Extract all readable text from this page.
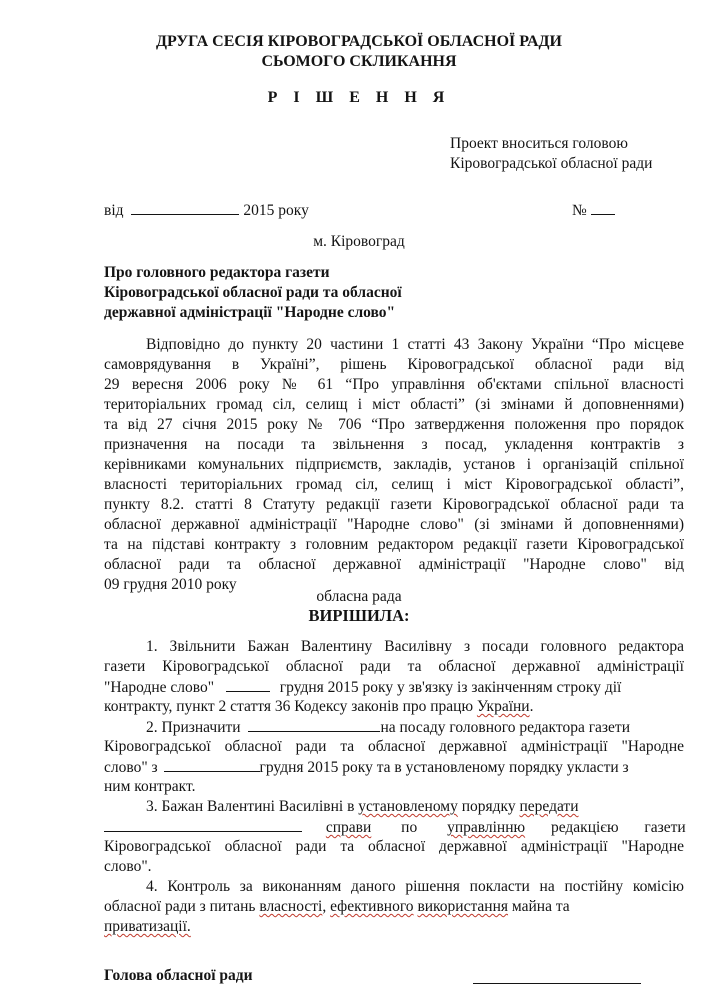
ДРУГА СЕСІЯ КІРОВОГРАДСЬКОЇ ОБЛАСНОЇ РАДИ
СЬОМОГО СКЛИКАННЯ
Р І Ш Е Н Н Я
Проект вноситься головою
Кіровоградської обласної ради
від	2015 року	№
м. Кіровоград
Про головного редактора газети
Кіровоградської обласної ради та обласної
державної адміністрації "Народне слово"
Відповідно до пункту 20 частини 1 статті 43 Закону України “Про місцеве
самоврядування в Україні”, рішень Кіровоградської обласної ради від
29 вересня 2006 року № 61 “Про управління об'єктами спільної власності
територіальних громад сіл, селищ і міст області” (зі змінами й доповненнями)
та від 27 січня 2015 року № 706 “Про затвердження положення про порядок
призначення на посади та звільнення з посад, укладення контрактів з
керівниками комунальних підприємств, закладів, установ і організацій спільної
власності територіальних громад сіл, селищ і міст Кіровоградської області”,
пункту 8.2. статті 8 Статуту редакції газети Кіровоградської обласної ради та
обласної державної адміністрації "Народне слово" (зі змінами й доповненнями)
та на підставі контракту з головним редактором редакції газети Кіровоградської
обласної ради та обласної державної адміністрації "Народне слово" від
09 грудня 2010 року
обласна рада
ВИРІШИЛА:
1. Звільнити Бажан Валентину Василівну з посади головного редактора
газети Кіровоградської обласної ради та обласної державної адміністрації
"Народне слово"	грудня 2015 року у зв'язку із закінченням строку дії
контракту, пункт 2 стаття 36 Кодексу законів про працю України.
2. Призначити	на посаду головного редактора газети
Кіровоградської обласної ради та обласної державної адміністрації "Народне
слово" з	грудня 2015 року та в установленому порядку укласти з
ним контракт.
3. Бажан Валентині Василівні в установленому порядку передати
справи по управлінню редакцією газети
Кіровоградської обласної ради та обласної державної адміністрації "Народне
слово".
4. Контроль за виконанням даного рішення покласти на постійну комісію
обласної ради з питань власності, ефективного використання майна та
приватизації.
Голова обласної ради
